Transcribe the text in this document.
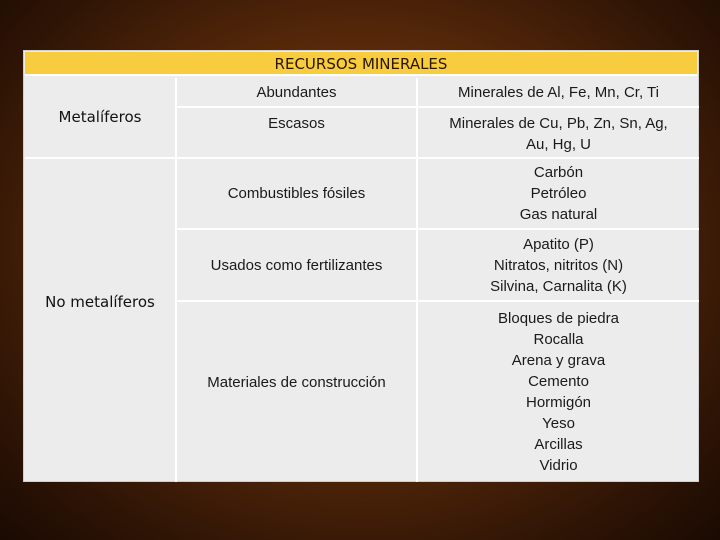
RECURSOS MINERALES
Metalíferos
No metalíferos
Abundantes	Minerales de Al, Fe, Mn, Cr, Ti
Escasos	Minerales de Cu, Pb, Zn, Sn, Ag,
Au, Hg, U
Combustibles fósiles
Carbón
Petróleo
Gas natural
Usados como fertilizantes
Apatito (P)
Nitratos, nitritos (N)
Silvina, Carnalita (K)
Materiales de construcción
Bloques de piedra
Rocalla
Arena y grava
Cemento
Hormigón
Yeso
Arcillas
Vidrio
